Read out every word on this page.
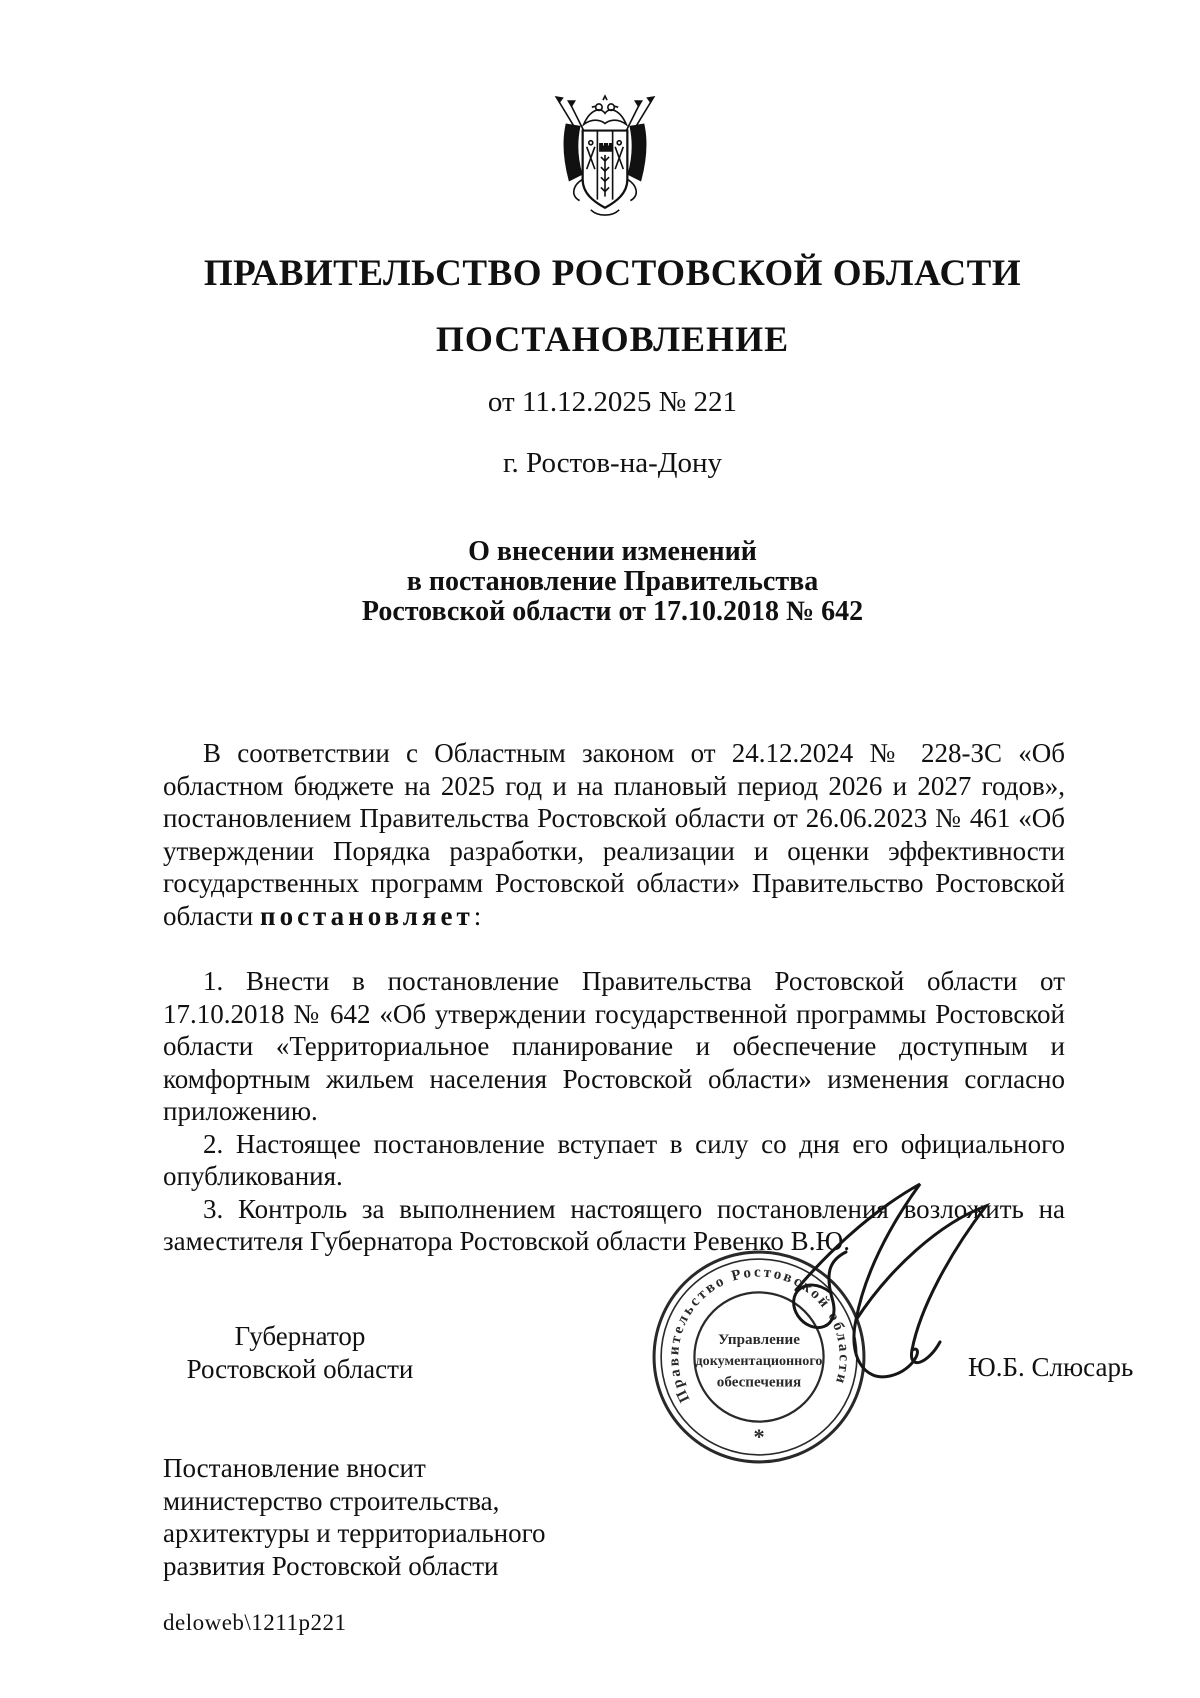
ПРАВИТЕЛЬСТВО РОСТОВСКОЙ ОБЛАСТИ
ПОСТАНОВЛЕНИЕ
от 11.12.2025 № 221
г. Ростов-на-Дону
О внесении изменений
в постановление Правительства
Ростовской области от 17.10.2018 № 642

В соответствии с Областным законом от 24.12.2024 № 228-ЗС «Об областном бюджете на 2025 год и на плановый период 2026 и 2027 годов», постановлением Правительства Ростовской области от 26.06.2023 № 461 «Об утверждении Порядка разработки, реализации и оценки эффективности государственных программ Ростовской области» Правительство Ростовской области постановляет:

1. Внести в постановление Правительства Ростовской области от 17.10.2018 № 642 «Об утверждении государственной программы Ростовской области «Территориальное планирование и обеспечение доступным и комфортным жильем населения Ростовской области» изменения согласно приложению.

2. Настоящее постановление вступает в силу со дня его официального опубликования.

3. Контроль за выполнением настоящего постановления возложить на заместителя Губернатора Ростовской области Ревенко В.Ю.

Губернатор
Ростовской области
Правительство Ростовской области
Управление
документационного
обеспечения
*
Ю.Б. Слюсарь
Постановление вносит
министерство строительства,
архитектуры и территориального
развития Ростовской области
deloweb\1211p221
